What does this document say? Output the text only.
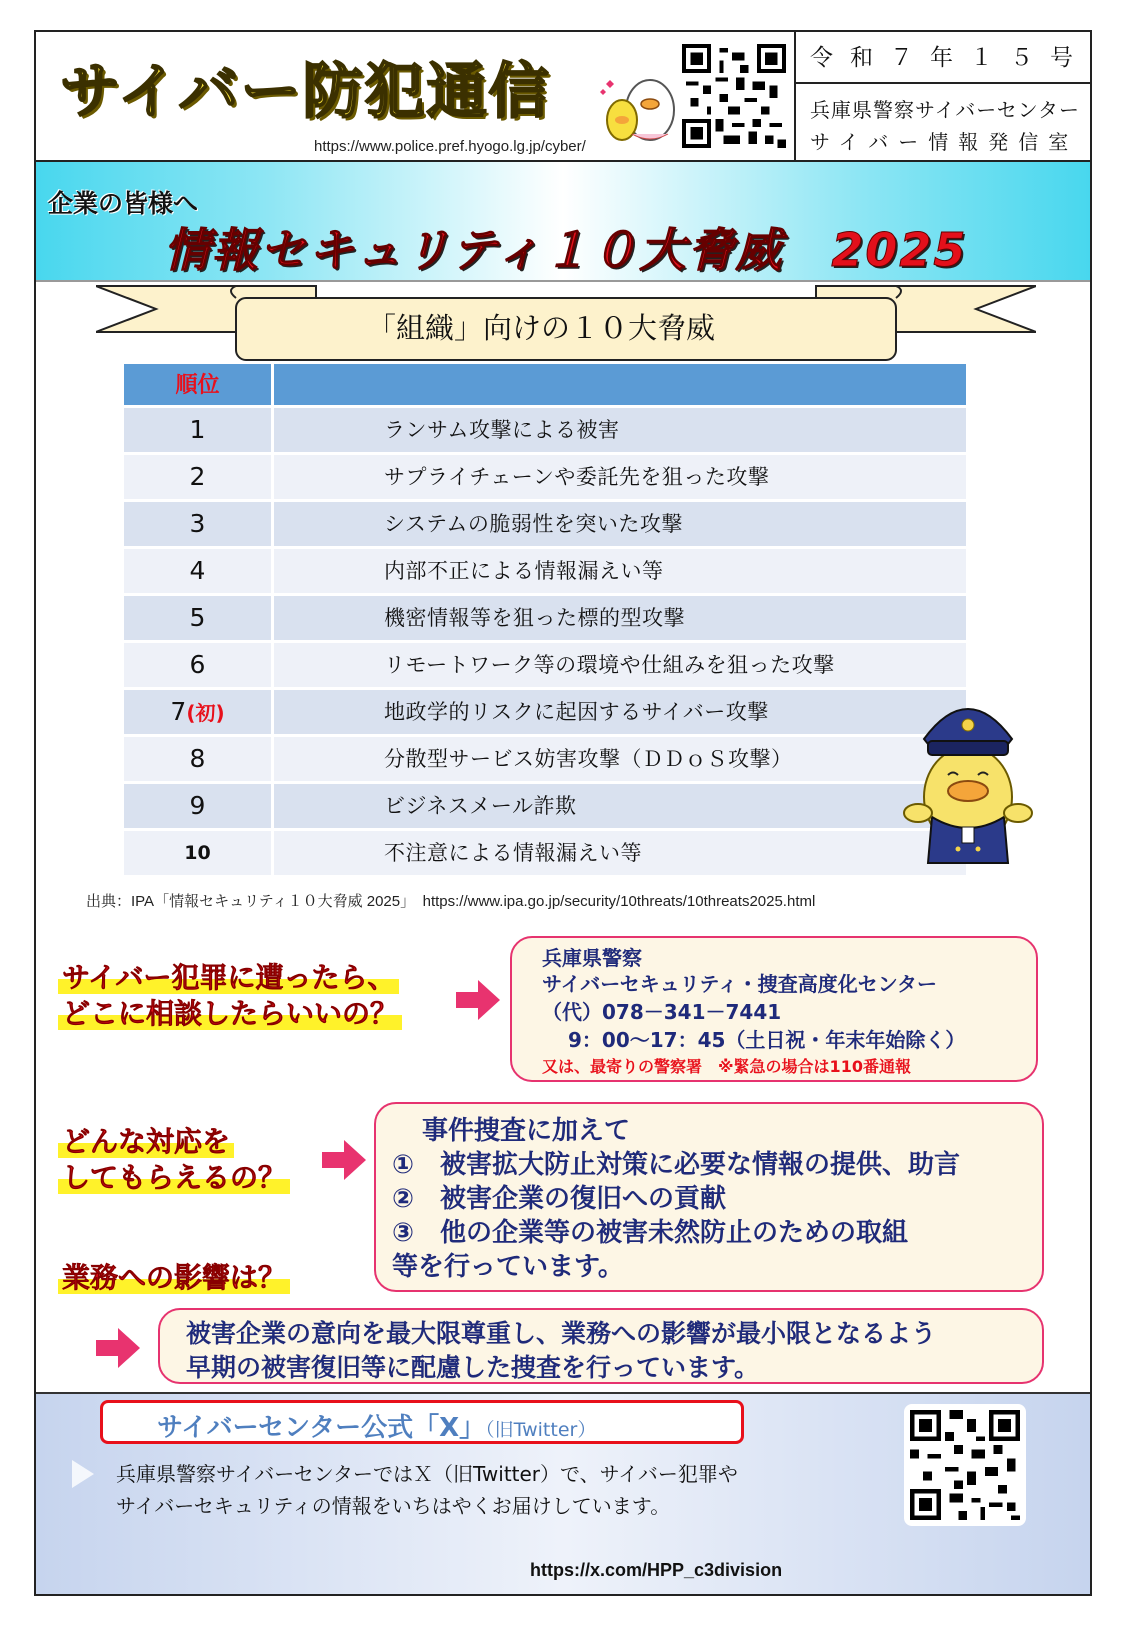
サイバー防犯通信
https://www.police.pref.hyogo.lg.jp/cyber/
令和７年１５号
兵庫県警察サイバーセンター
サイバー情報発信室
企業の皆様へ
情報セキュリティ１０大脅威　2025
「組織」向けの１０大脅威
順位
1	ランサム攻撃による被害
2	サプライチェーンや委託先を狙った攻撃
3	システムの脆弱性を突いた攻撃
4	内部不正による情報漏えい等
5	機密情報等を狙った標的型攻撃
6	リモートワーク等の環境や仕組みを狙った攻撃
7(初)	地政学的リスクに起因するサイバー攻撃
8	分散型サービス妨害攻撃（ＤＤｏＳ攻撃）
9	ビジネスメール詐欺
10	不注意による情報漏えい等
出典：IPA「情報セキュリティ１０大脅威 2025」　https://www.ipa.go.jp/security/10threats/10threats2025.html
サイバー犯罪に遭ったら、
どこに相談したらいいの？
兵庫県警察
サイバーセキュリティ・捜査高度化センター
（代）078－341－7441
9：00～17：45（土日祝・年末年始除く）
又は、最寄りの警察署　※緊急の場合は110番通報
どんな対応を
してもらえるの？
事件捜査に加えて
①　被害拡大防止対策に必要な情報の提供、助言
②　被害企業の復旧への貢献
③　他の企業等の被害未然防止のための取組
等を行っています。
業務への影響は？
被害企業の意向を最大限尊重し、業務への影響が最小限となるよう
早期の被害復旧等に配慮した捜査を行っています。
サイバーセンター公式「X」（旧Twitter）
兵庫県警察サイバーセンターではＸ（旧Twitter）で、サイバー犯罪や
サイバーセキュリティの情報をいちはやくお届けしています。
https://x.com/HPP_c3division
